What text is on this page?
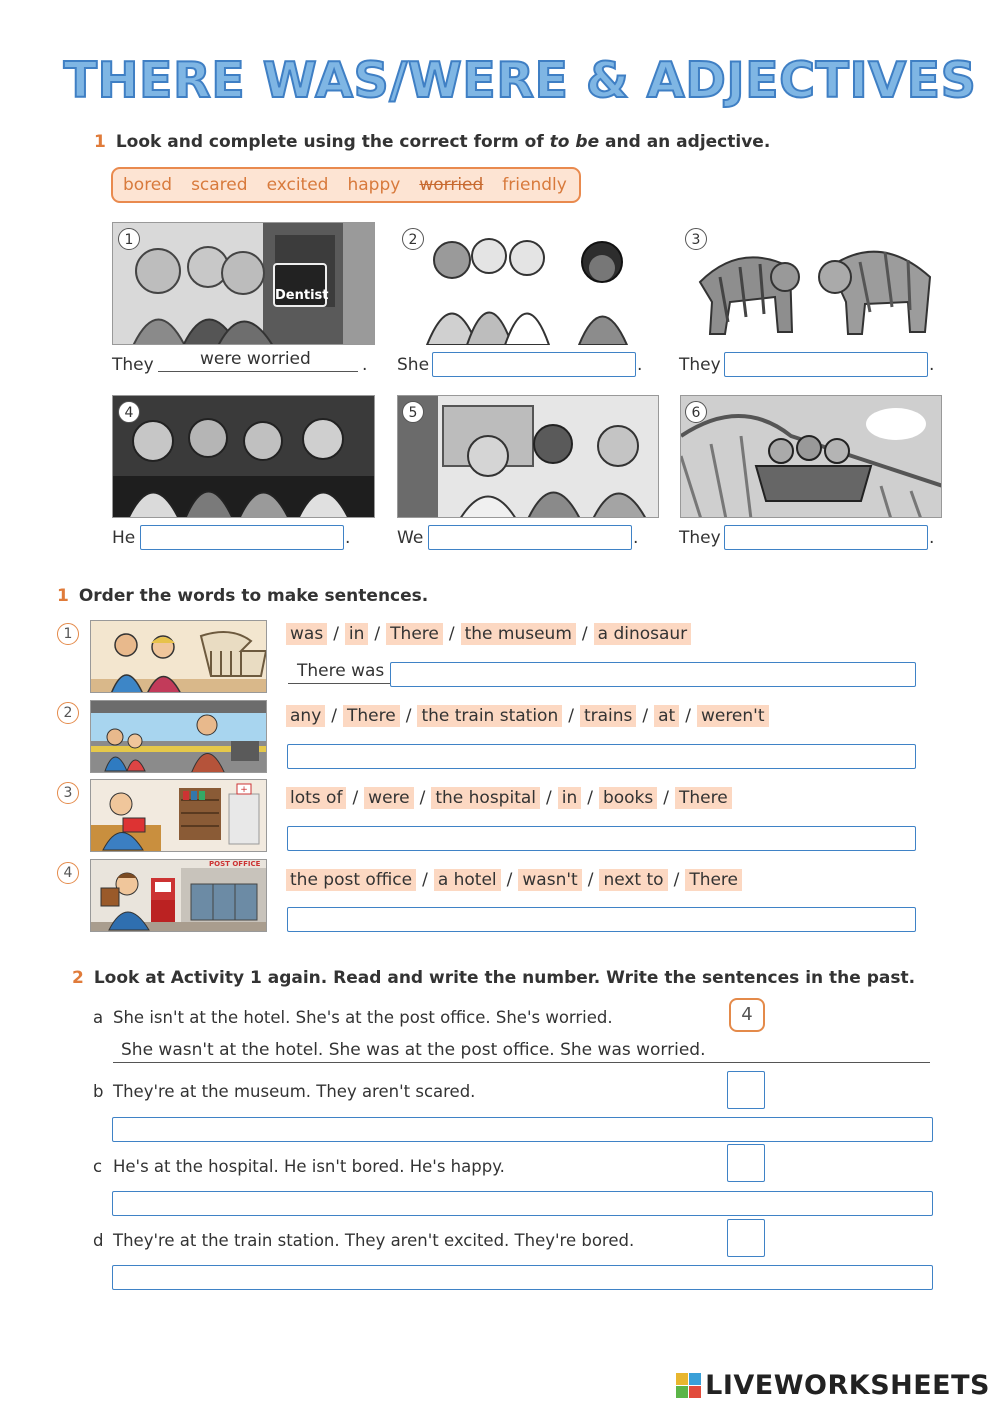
THERE WAS/WERE & ADJECTIVES
1 Look and complete using the correct form of to be and an adjective.
bored scared excited happy worried friendly
Dentist
1	2	3
They	were worried	. She	. They	.
4	5	6
He	.	We	. They	.
1 Order the words to make sentences.
1	was / in / There / the museum / a dinosaur
There was
2	any / There / the train station / trains / at / weren't
3	+ lots of / were / the hospital / in / books / There
4
POST OFFICE
the post office / a hotel / wasn't / next to / There
2 Look at Activity 1 again. Read and write the number. Write the sentences in the past.
a She isn't at the hotel. She's at the post office. She's worried.	4
She wasn't at the hotel. She was at the post office. She was worried.
b They're at the museum. They aren't scared.
c He's at the hospital. He isn't bored. He's happy.
d They're at the train station. They aren't excited. They're bored.
LIVEWORKSHEETS
